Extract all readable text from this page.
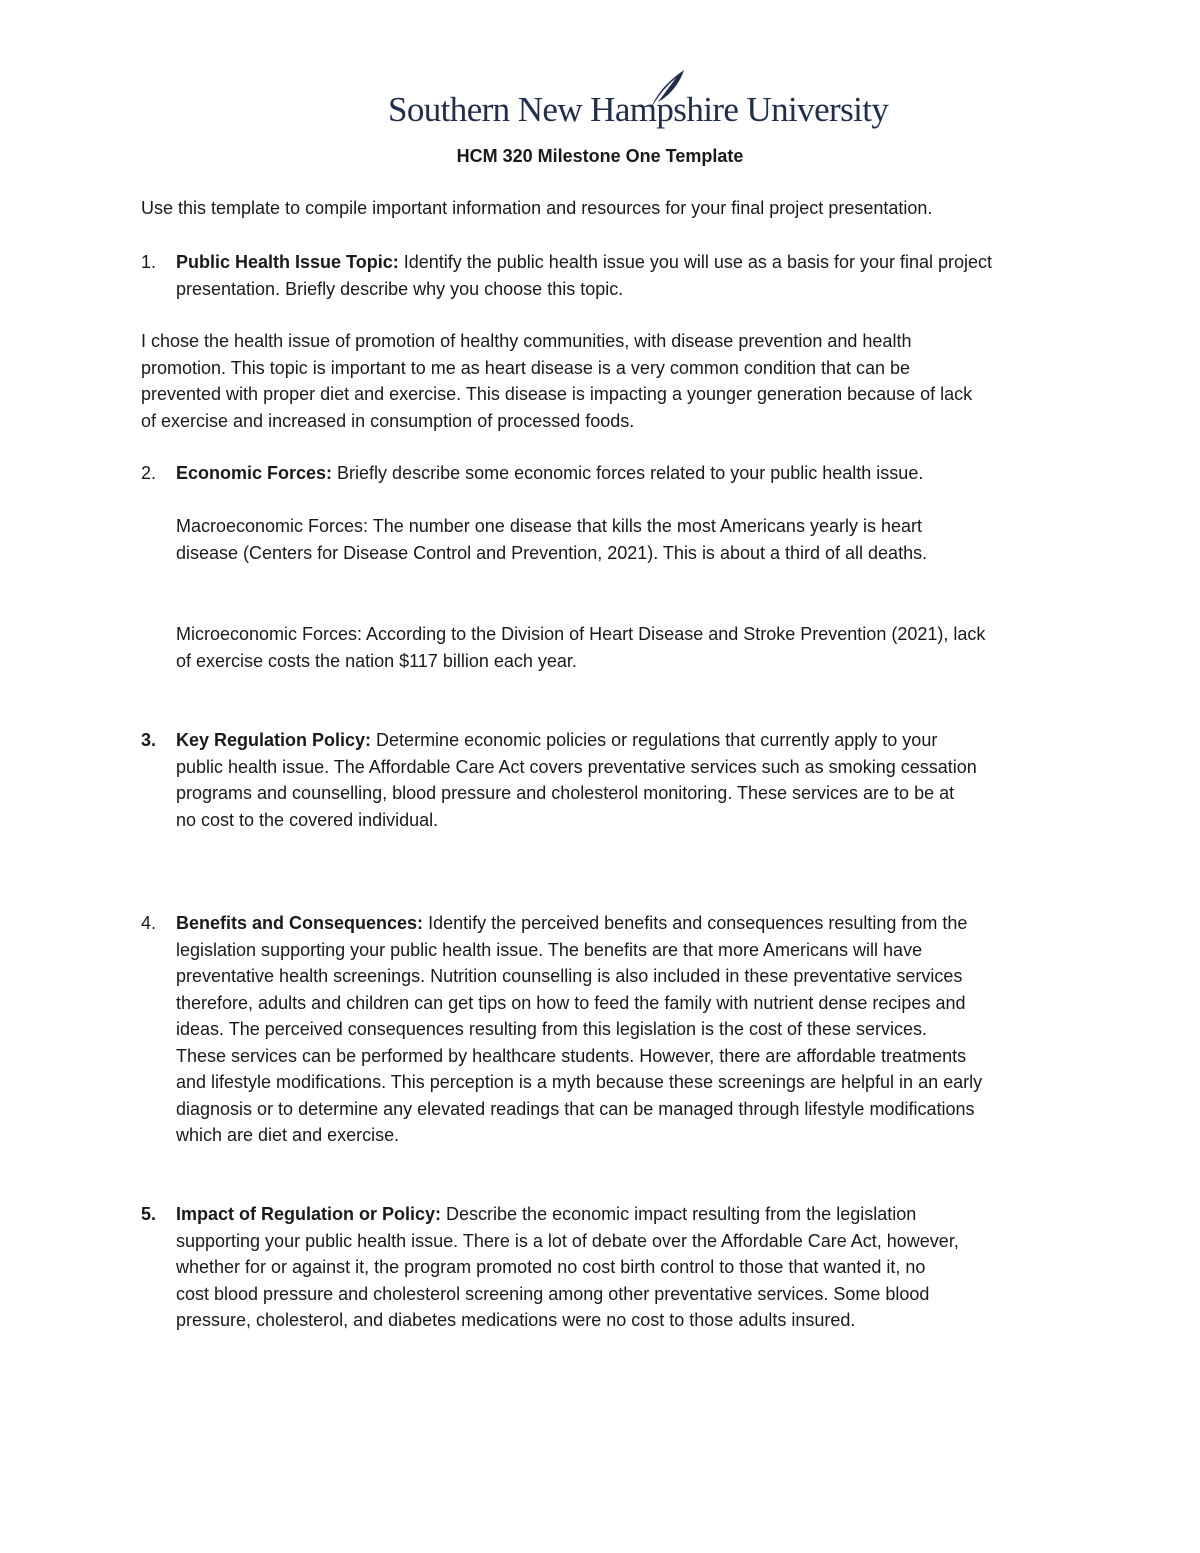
Southern New Hampshire University
HCM 320 Milestone One Template
Use this template to compile important information and resources for your final project presentation.
1. Public Health Issue Topic: Identify the public health issue you will use as a basis for your final project
presentation. Briefly describe why you choose this topic.
I chose the health issue of promotion of healthy communities, with disease prevention and health
promotion. This topic is important to me as heart disease is a very common condition that can be
prevented with proper diet and exercise. This disease is impacting a younger generation because of lack
of exercise and increased in consumption of processed foods.
2. Economic Forces: Briefly describe some economic forces related to your public health issue.
Macroeconomic Forces: The number one disease that kills the most Americans yearly is heart
disease (Centers for Disease Control and Prevention, 2021). This is about a third of all deaths.
Microeconomic Forces: According to the Division of Heart Disease and Stroke Prevention (2021), lack
of exercise costs the nation $117 billion each year.
3. Key Regulation Policy: Determine economic policies or regulations that currently apply to your
public health issue. The Affordable Care Act covers preventative services such as smoking cessation
programs and counselling, blood pressure and cholesterol monitoring. These services are to be at
no cost to the covered individual.
4. Benefits and Consequences: Identify the perceived benefits and consequences resulting from the
legislation supporting your public health issue. The benefits are that more Americans will have
preventative health screenings. Nutrition counselling is also included in these preventative services
therefore, adults and children can get tips on how to feed the family with nutrient dense recipes and
ideas. The perceived consequences resulting from this legislation is the cost of these services.
These services can be performed by healthcare students. However, there are affordable treatments
and lifestyle modifications. This perception is a myth because these screenings are helpful in an early
diagnosis or to determine any elevated readings that can be managed through lifestyle modifications
which are diet and exercise.
5. Impact of Regulation or Policy: Describe the economic impact resulting from the legislation
supporting your public health issue. There is a lot of debate over the Affordable Care Act, however,
whether for or against it, the program promoted no cost birth control to those that wanted it, no
cost blood pressure and cholesterol screening among other preventative services. Some blood
pressure, cholesterol, and diabetes medications were no cost to those adults insured.
